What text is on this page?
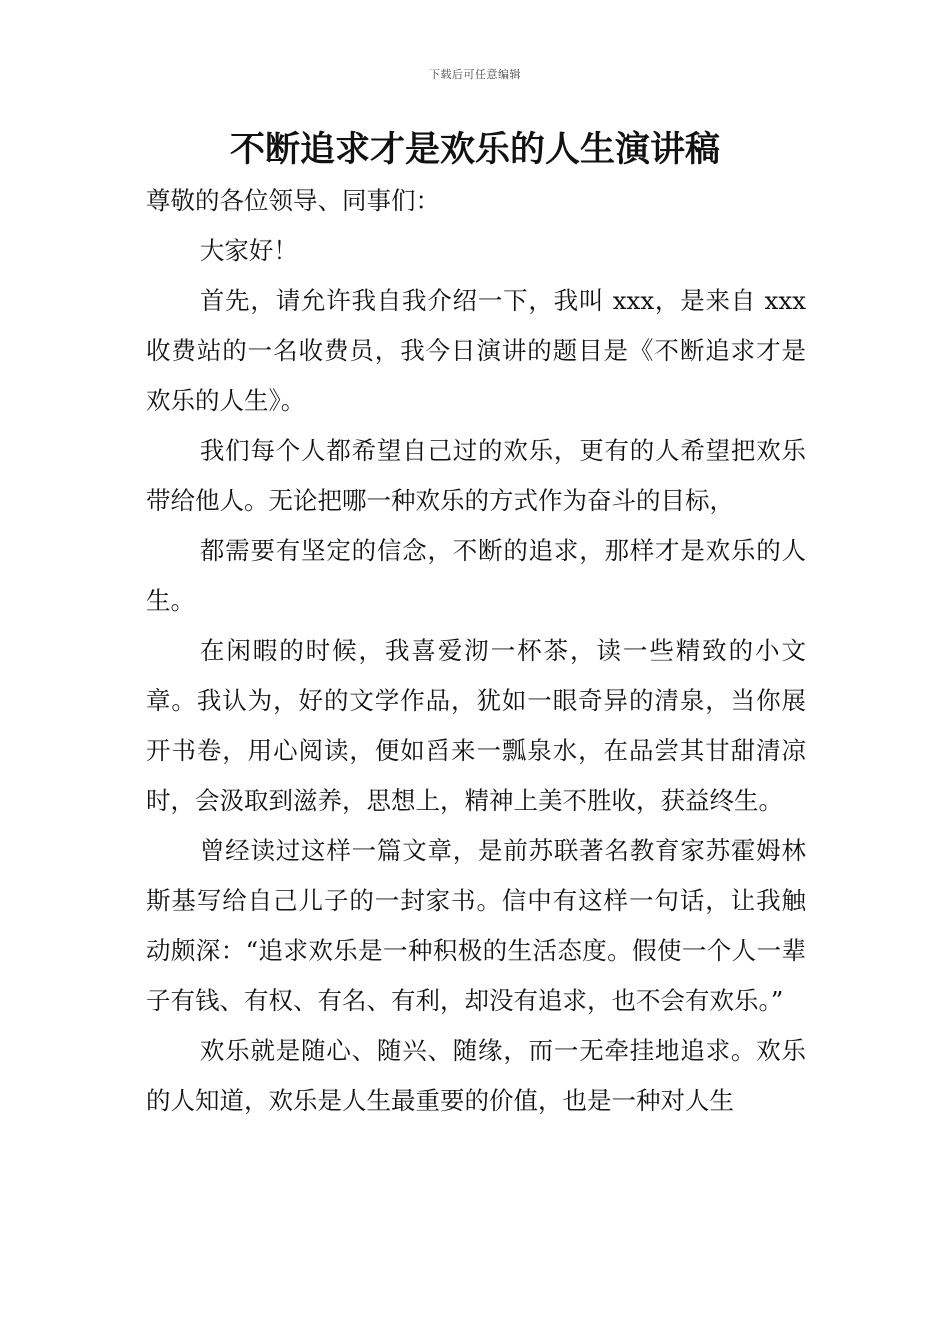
下载后可任意编辑
不断追求才是欢乐的人生演讲稿

尊敬的各位领导、同事们：

大家好！

首先，请允许我自我介绍一下，我叫 xxx，是来自 xxx 收费站的一名收费员，我今日演讲的题目是《不断追求才是欢乐的人生》。

我们每个人都希望自己过的欢乐，更有的人希望把欢乐带给他人。无论把哪一种欢乐的方式作为奋斗的目标，

都需要有坚定的信念，不断的追求，那样才是欢乐的人生。

在闲暇的时候，我喜爱沏一杯茶，读一些精致的小文章。我认为，好的文学作品，犹如一眼奇异的清泉，当你展开书卷，用心阅读，便如舀来一瓢泉水，在品尝其甘甜清凉时，会汲取到滋养，思想上，精神上美不胜收，获益终生。

曾经读过这样一篇文章，是前苏联著名教育家苏霍姆林斯基写给自己儿子的一封家书。信中有这样一句话，让我触动颇深：“追求欢乐是一种积极的生活态度。假使一个人一辈子有钱、有权、有名、有利，却没有追求，也不会有欢乐。”

欢乐就是随心、随兴、随缘，而一无牵挂地追求。欢乐的人知道，欢乐是人生最重要的价值，也是一种对人生
